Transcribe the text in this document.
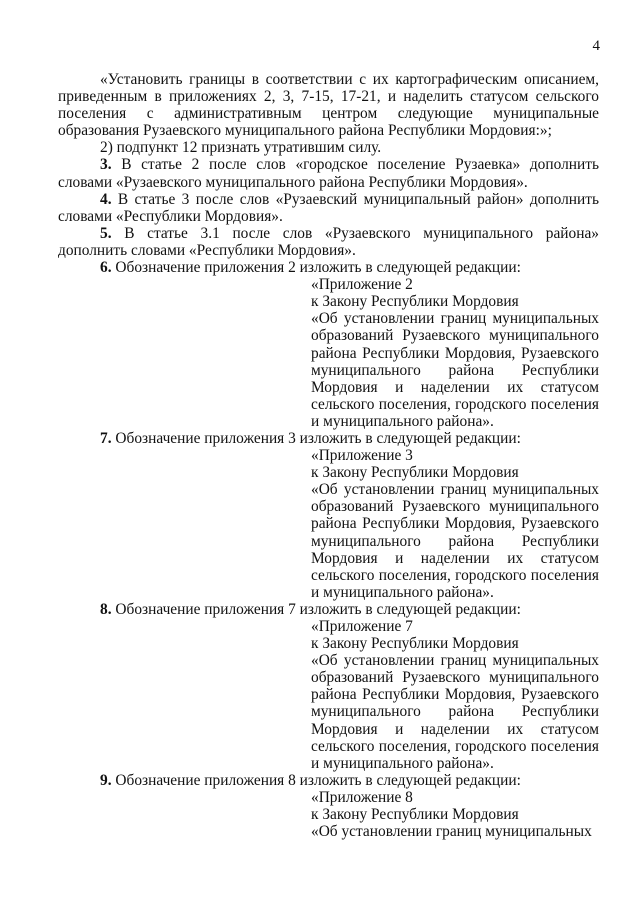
4

«Установить границы в соответствии с их картографическим описанием, приведенным в приложениях 2, 3, 7-15, 17-21, и наделить статусом сельского поселения с административным центром следующие муниципальные образования Рузаевского муниципального района Республики Мордовия:»;

2) подпункт 12 признать утратившим силу.

3. В статье 2 после слов «городское поселение Рузаевка» дополнить словами «Рузаевского муниципального района Республики Мордовия».

4. В статье 3 после слов «Рузаевский муниципальный район» дополнить словами «Республики Мордовия».

5. В статье 3.1 после слов «Рузаевского муниципального района» дополнить словами «Республики Мордовия».

6. Обозначение приложения 2 изложить в следующей редакции:

«Приложение 2
к Закону Республики Мордовия
«Об установлении границ муниципальных образований Рузаевского муниципального района Республики Мордовия, Рузаевского муниципального района Республики Мордовия и наделении их статусом сельского поселения, городского поселения и муниципального района».

7. Обозначение приложения 3 изложить в следующей редакции:

«Приложение 3
к Закону Республики Мордовия
«Об установлении границ муниципальных образований Рузаевского муниципального района Республики Мордовия, Рузаевского муниципального района Республики Мордовия и наделении их статусом сельского поселения, городского поселения и муниципального района».

8. Обозначение приложения 7 изложить в следующей редакции:

«Приложение 7
к Закону Республики Мордовия
«Об установлении границ муниципальных образований Рузаевского муниципального района Республики Мордовия, Рузаевского муниципального района Республики Мордовия и наделении их статусом сельского поселения, городского поселения и муниципального района».

9. Обозначение приложения 8 изложить в следующей редакции:

«Приложение 8
к Закону Республики Мордовия
«Об установлении границ муниципальных
